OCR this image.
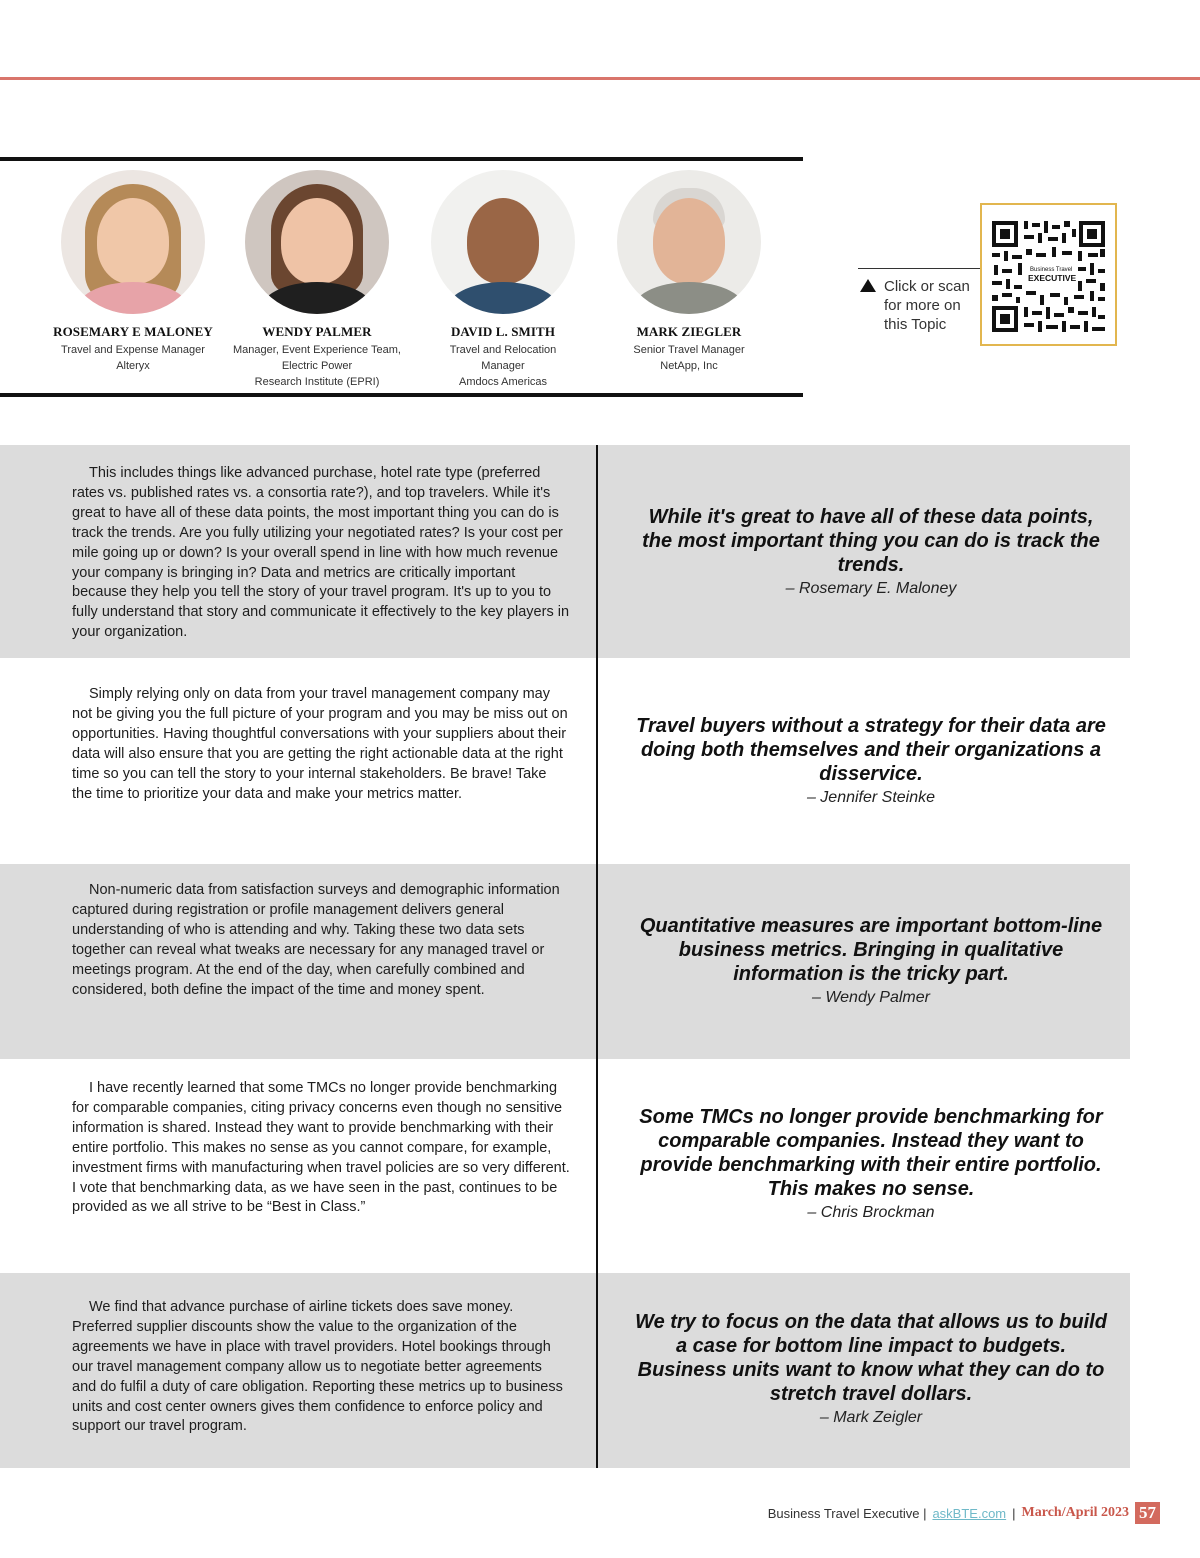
ROSEMARY E MALONEY
Travel and Expense Manager
Alteryx
WENDY PALMER
Manager, Event Experience Team,
Electric Power
Research Institute (EPRI)
DAVID L. SMITH
Travel and Relocation
Manager
Amdocs Americas
MARK ZIEGLER
Senior Travel Manager
NetApp, Inc
Click or scan for more on this Topic
Business Travel
EXECUTIVE

This includes things like advanced purchase, hotel rate type (preferred rates vs. published rates vs. a consortia rate?), and top travelers. While it's great to have all of these data points, the most important thing you can do is track the trends. Are you fully utilizing your negotiated rates? Is your cost per mile going up or down? Is your overall spend in line with how much revenue your company is bringing in? Data and metrics are critically important because they help you tell the story of your travel program. It's up to you to fully understand that story and communicate it effectively to the key players in your organization.

While it's great to have all of these data points, the most important thing you can do is track the trends.
– Rosemary E. Maloney

Simply relying only on data from your travel management company may not be giving you the full picture of your program and you may be miss out on opportunities. Having thoughtful conversations with your suppliers about their data will also ensure that you are getting the right actionable data at the right time so you can tell the story to your internal stakeholders. Be brave! Take the time to prioritize your data and make your metrics matter.

Travel buyers without a strategy for their data are doing both themselves and their organizations a disservice.
– Jennifer Steinke

Non-numeric data from satisfaction surveys and demographic information captured during registration or profile management delivers general understanding of who is attending and why. Taking these two data sets together can reveal what tweaks are necessary for any managed travel or meetings program. At the end of the day, when carefully combined and considered, both define the impact of the time and money spent.

Quantitative measures are important bottom-line business metrics. Bringing in qualitative information is the tricky part.
– Wendy Palmer

I have recently learned that some TMCs no longer provide benchmarking for comparable companies, citing privacy concerns even though no sensitive information is shared. Instead they want to provide benchmarking with their entire portfolio. This makes no sense as you cannot compare, for example, investment firms with manufacturing when travel policies are so very different. I vote that benchmarking data, as we have seen in the past, continues to be provided as we all strive to be “Best in Class.”

Some TMCs no longer provide benchmarking for comparable companies. Instead they want to provide benchmarking with their entire portfolio. This makes no sense.
– Chris Brockman

We find that advance purchase of airline tickets does save money. Preferred supplier discounts show the value to the organization of the agreements we have in place with travel providers. Hotel bookings through our travel management company allow us to negotiate better agreements and do fulfil a duty of care obligation. Reporting these metrics up to business units and cost center owners gives them confidence to enforce policy and support our travel program.

We try to focus on the data that allows us to build a case for bottom line impact to budgets. Business units want to know what they can do to stretch travel dollars.
– Mark Zeigler
Business Travel Executive | askBTE.com | March/April 2023 57
